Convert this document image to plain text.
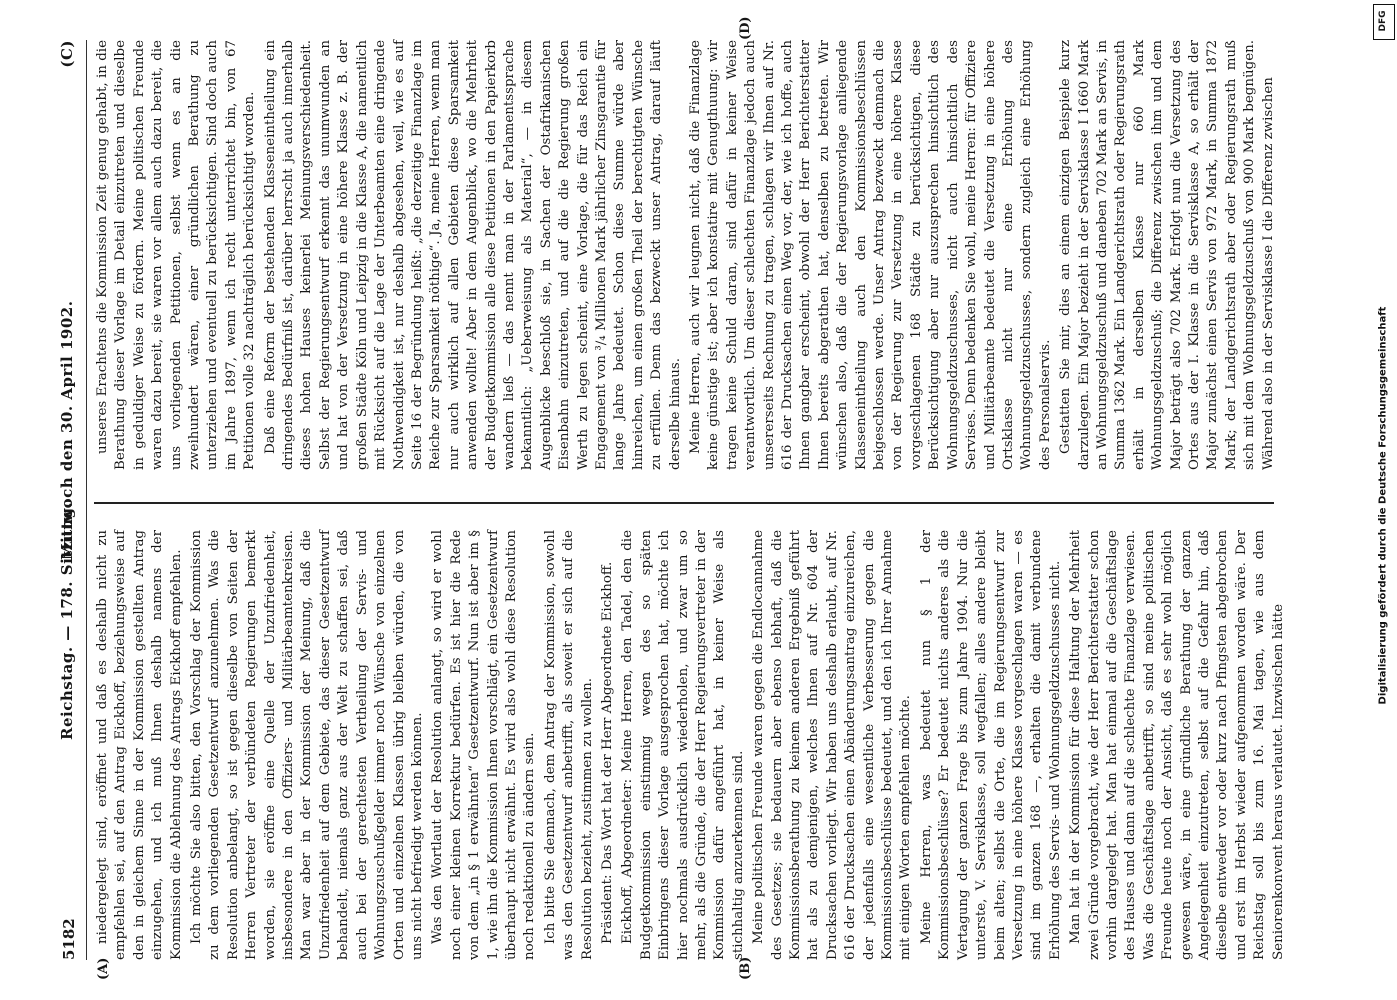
5182
Reichstag. — 178. Sitzung.
Mittwoch den 30. April 1902.
(C)
(A)	(B)
(D)

niedergelegt sind, eröffnet und daß es deshalb nicht zu empfehlen sei, auf den Antrag Eickhoff, beziehungsweise auf den in gleichem Sinne in der Kommission gestellten Antrag einzugehen, und ich muß Ihnen deshalb namens der Kommission die Ablehnung des Antrags Eickhoff empfehlen. Ich möchte Sie also bitten, den Vorschlag der Kommission zu dem vorliegenden Gesetzentwurf anzunehmen. Was die Resolution anbelangt, so ist gegen dieselbe von Seiten der Herren Vertreter der verbündeten Regierungen bemerkt worden, sie eröffne eine Quelle der Unzufriedenheit, insbesondere in den Offiziers- und Militärbeamtenkreisen. Man war aber in der Kommission der Meinung, daß die Unzufriedenheit auf dem Gebiete, das dieser Gesetzentwurf behandelt, niemals ganz aus der Welt zu schaffen sei, daß auch bei der gerechtesten Vertheilung der Servis- und Wohnungszuschußgelder immer noch Wünsche von einzelnen Orten und einzelnen Klassen übrig bleiben würden, die von uns nicht befriedigt werden können. Was den Wortlaut der Resolution anlangt, so wird er wohl noch einer kleinen Korrektur bedürfen. Es ist hier die Rede von dem „in § 1 erwähnten“ Gesetzentwurf. Nun ist aber im § 1, wie ihn die Kommission Ihnen vorschlägt, ein Gesetzentwurf überhaupt nicht erwähnt. Es wird also wohl diese Resolution noch redaktionell zu ändern sein. Ich bitte Sie demnach, dem Antrag der Kommission, sowohl was den Gesetzentwurf anbetrifft, als soweit er sich auf die Resolution bezieht, zustimmen zu wollen. Präsident: Das Wort hat der Herr Abgeordnete Eickhoff. Eickhoff, Abgeordneter: Meine Herren, den Tadel, den die Budgetkommission einstimmig wegen des so späten Einbringens dieser Vorlage ausgesprochen hat, möchte ich hier nochmals ausdrücklich wiederholen, und zwar um so mehr, als die Gründe, die der Herr Regierungsvertreter in der Kommission dafür angeführt hat, in keiner Weise als stichhaltig anzuerkennen sind. Meine politischen Freunde waren gegen die Endlocannahme des Gesetzes; sie bedauern aber ebenso lebhaft, daß die Kommissionsberathung zu keinem anderen Ergebniß geführt hat als zu demjenigen, welches Ihnen auf Nr. 604 der Drucksachen vorliegt. Wir haben uns deshalb erlaubt, auf Nr. 616 der Drucksachen einen Abänderungsantrag einzureichen, der jedenfalls eine wesentliche Verbesserung gegen die Kommissionsbeschlüsse bedeutet, und den ich Ihrer Annahme mit einigen Worten empfehlen möchte. Meine Herren, was bedeutet nun § 1 der Kommissionsbeschlüsse? Er bedeutet nichts anderes als die Vertagung der ganzen Frage bis zum Jahre 1904. Nur die unterste, V. Servisklasse, soll wegfallen; alles andere bleibt beim alten; selbst die Orte, die im Regierungsentwurf zur Versetzung in eine höhere Klasse vorgeschlagen waren — es sind im ganzen 168 —, erhalten die damit verbundene Erhöhung des Servis- und Wohnungsgeldzuschusses nicht. Man hat in der Kommission für diese Haltung der Mehrheit zwei Gründe vorgebracht, wie der Herr Berichterstatter schon vorhin dargelegt hat. Man hat einmal auf die Geschäftslage des Hauses und dann auf die schlechte Finanzlage verwiesen. Was die Geschäftslage anbetrifft, so sind meine politischen Freunde heute noch der Ansicht, daß es sehr wohl möglich gewesen wäre, in eine gründliche Berathung der ganzen Angelegenheit einzutreten, selbst auf die Gefahr hin, daß dieselbe entweder vor oder kurz nach Pfingsten abgebrochen und erst im Herbst wieder aufgenommen worden wäre. Der Reichstag soll bis zum 16. Mai tagen, wie aus dem Seniorenkonvent heraus verlautet. Inzwischen hätte

unseres Erachtens die Kommission Zeit genug gehabt, in die Berathung dieser Vorlage im Detail einzutreten und dieselbe in geduldiger Weise zu fördern. Meine politischen Freunde waren dazu bereit, sie waren vor allem auch dazu bereit, die uns vorliegenden Petitionen, selbst wenn es an die zweihundert wären, einer gründlichen Berathung zu unterziehen und eventuell zu berücksichtigen. Sind doch auch im Jahre 1897, wenn ich recht unterrichtet bin, von 67 Petitionen volle 32 nachträglich berücksichtigt worden. Daß eine Reform der bestehenden Klasseneintheilung ein dringendes Bedürfniß ist, darüber herrscht ja auch innerhalb dieses hohen Hauses keinerlei Meinungsverschiedenheit. Selbst der Regierungsentwurf erkennt das unumwunden an und hat von der Versetzung in eine höhere Klasse z. B. der großen Städte Köln und Leipzig in die Klasse A, die namentlich mit Rücksicht auf die Lage der Unterbeamten eine dringende Nothwendigkeit ist, nur deshalb abgesehen, weil, wie es auf Seite 16 der Begründung heißt: „die derzeitige Finanzlage im Reiche zur Sparsamkeit nöthige“. Ja, meine Herren, wenn man nur auch wirklich auf allen Gebieten diese Sparsamkeit anwenden wollte! Aber in dem Augenblick, wo die Mehrheit der Budgetkommission alle diese Petitionen in den Papierkorb wandern ließ — das nennt man in der Parlamentssprache bekanntlich: „Ueberweisung als Material“, — in diesem Augenblicke beschloß sie, in Sachen der Ostafrikanischen Eisenbahn einzutreten, und auf die die Regierung großen Werth zu legen scheint, eine Vorlage, die für das Reich ein Engagement von ³/₄ Millionen Mark jährlicher Zinsgarantie für lange Jahre bedeutet. Schon diese Summe würde aber hinreichen, um einen großen Theil der berechtigten Wünsche zu erfüllen. Denn das bezweckt unser Antrag, darauf läuft derselbe hinaus. Meine Herren, auch wir leugnen nicht, daß die Finanzlage keine günstige ist; aber ich konstatire mit Genugthuung: wir tragen keine Schuld daran, sind dafür in keiner Weise verantwortlich. Um dieser schlechten Finanzlage jedoch auch unsererseits Rechnung zu tragen, schlagen wir Ihnen auf Nr. 616 der Drucksachen einen Weg vor, der, wie ich hoffe, auch Ihnen gangbar erscheint, obwohl der Herr Berichterstatter Ihnen bereits abgerathen hat, denselben zu betreten. Wir wünschen also, daß die der Regierungsvorlage anliegende Klasseneintheilung auch den Kommissionsbeschlüssen beigeschlossen werde. Unser Antrag bezweckt demnach die von der Regierung zur Versetzung in eine höhere Klasse vorgeschlagenen 168 Städte zu berücksichtigen, diese Berücksichtigung aber nur auszusprechen hinsichtlich des Wohnungsgeldzuschusses, nicht auch hinsichtlich des Servises. Denn bedenken Sie wohl, meine Herren: für Offiziere und Militärbeamte bedeutet die Versetzung in eine höhere Ortsklasse nicht nur eine Erhöhung des Wohnungsgeldzuschusses, sondern zugleich eine Erhöhung des Personalservis. Gestatten Sie mir, dies an einem einzigen Beispiele kurz darzulegen. Ein Major bezieht in der Servisklasse I 1660 Mark an Wohnungsgeldzuschuß und daneben 702 Mark an Servis, in Summa 1362 Mark. Ein Landgerichtsrath oder Regierungsrath erhält in derselben Klasse nur 660 Mark Wohnungsgeldzuschuß; die Differenz zwischen ihm und dem Major beträgt also 702 Mark. Erfolgt nun die Versetzung des Ortes aus der I. Klasse in die Servisklasse A, so erhält der Major zunächst einen Servis von 972 Mark, in Summa 1872 Mark; der Landgerichtsrath aber oder Regierungsrath muß sich mit dem Wohnungsgeldzuschuß von 900 Mark begnügen. Während also in der Servisklasse I die Differenz zwischen

DFG
Digitalisierung gefördert durch die Deutsche Forschungsgemeinschaft
